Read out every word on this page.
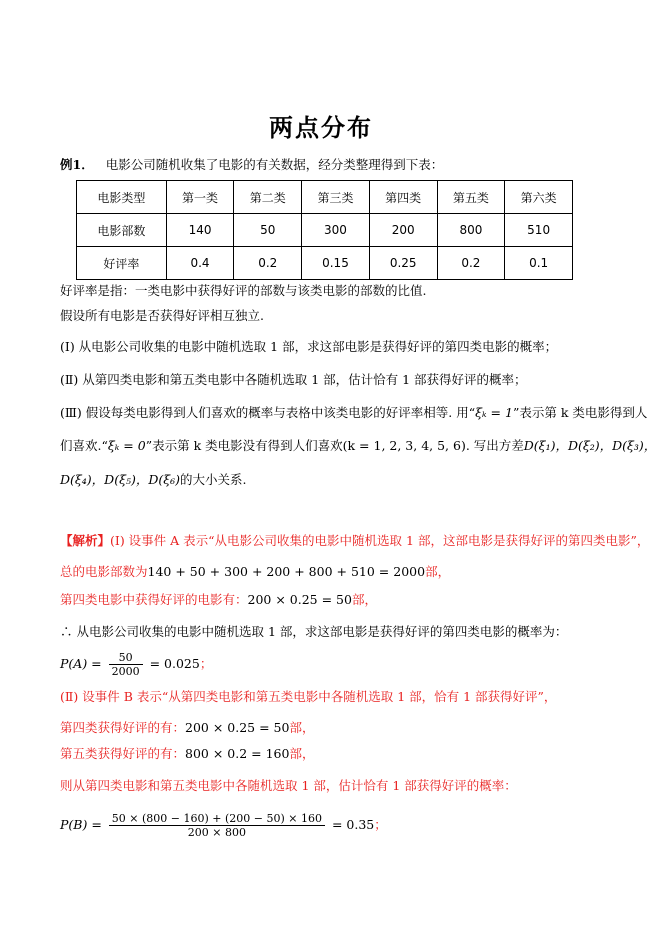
两点分布
例1． 电影公司随机收集了电影的有关数据，经分类整理得到下表：
电影类型	第一类	第二类	第三类	第四类	第五类	第六类
电影部数	140	50	300	200	800	510
好评率	0.4	0.2	0.15	0.25	0.2	0.1
好评率是指：一类电影中获得好评的部数与该类电影的部数的比值.
假设所有电影是否获得好评相互独立.
(Ⅰ) 从电影公司收集的电影中随机选取 1 部，求这部电影是获得好评的第四类电影的概率；
(Ⅱ) 从第四类电影和第五类电影中各随机选取 1 部，估计恰有 1 部获得好评的概率；
(Ⅲ) 假设每类电影得到人们喜欢的概率与表格中该类电影的好评率相等. 用“ξₖ = 1”表示第 k 类电影得到人
们喜欢.“ξₖ = 0”表示第 k 类电影没有得到人们喜欢(k = 1, 2, 3, 4, 5, 6). 写出方差D(ξ₁)，D(ξ₂)，D(ξ₃)，
D(ξ₄)，D(ξ₅)，D(ξ₆)的大小关系.
【解析】(Ⅰ) 设事件 A 表示“从电影公司收集的电影中随机选取 1 部，这部电影是获得好评的第四类电影”，
总的电影部数为140 + 50 + 300 + 200 + 800 + 510 = 2000部，
第四类电影中获得好评的电影有：200 × 0.25 = 50部，
∴ 从电影公司收集的电影中随机选取 1 部，求这部电影是获得好评的第四类电影的概率为：
$P(A) = \frac{50}{2000} = 0.025$；
(Ⅱ) 设事件 B 表示“从第四类电影和第五类电影中各随机选取 1 部，恰有 1 部获得好评”，
第四类获得好评的有：200 × 0.25 = 50部，
第五类获得好评的有：800 × 0.2 = 160部，
则从第四类电影和第五类电影中各随机选取 1 部，估计恰有 1 部获得好评的概率：
$P(B) = \frac{50 \times (800 - 160) + (200 - 50) \times 160}{200 \times 800} = 0.35$；
